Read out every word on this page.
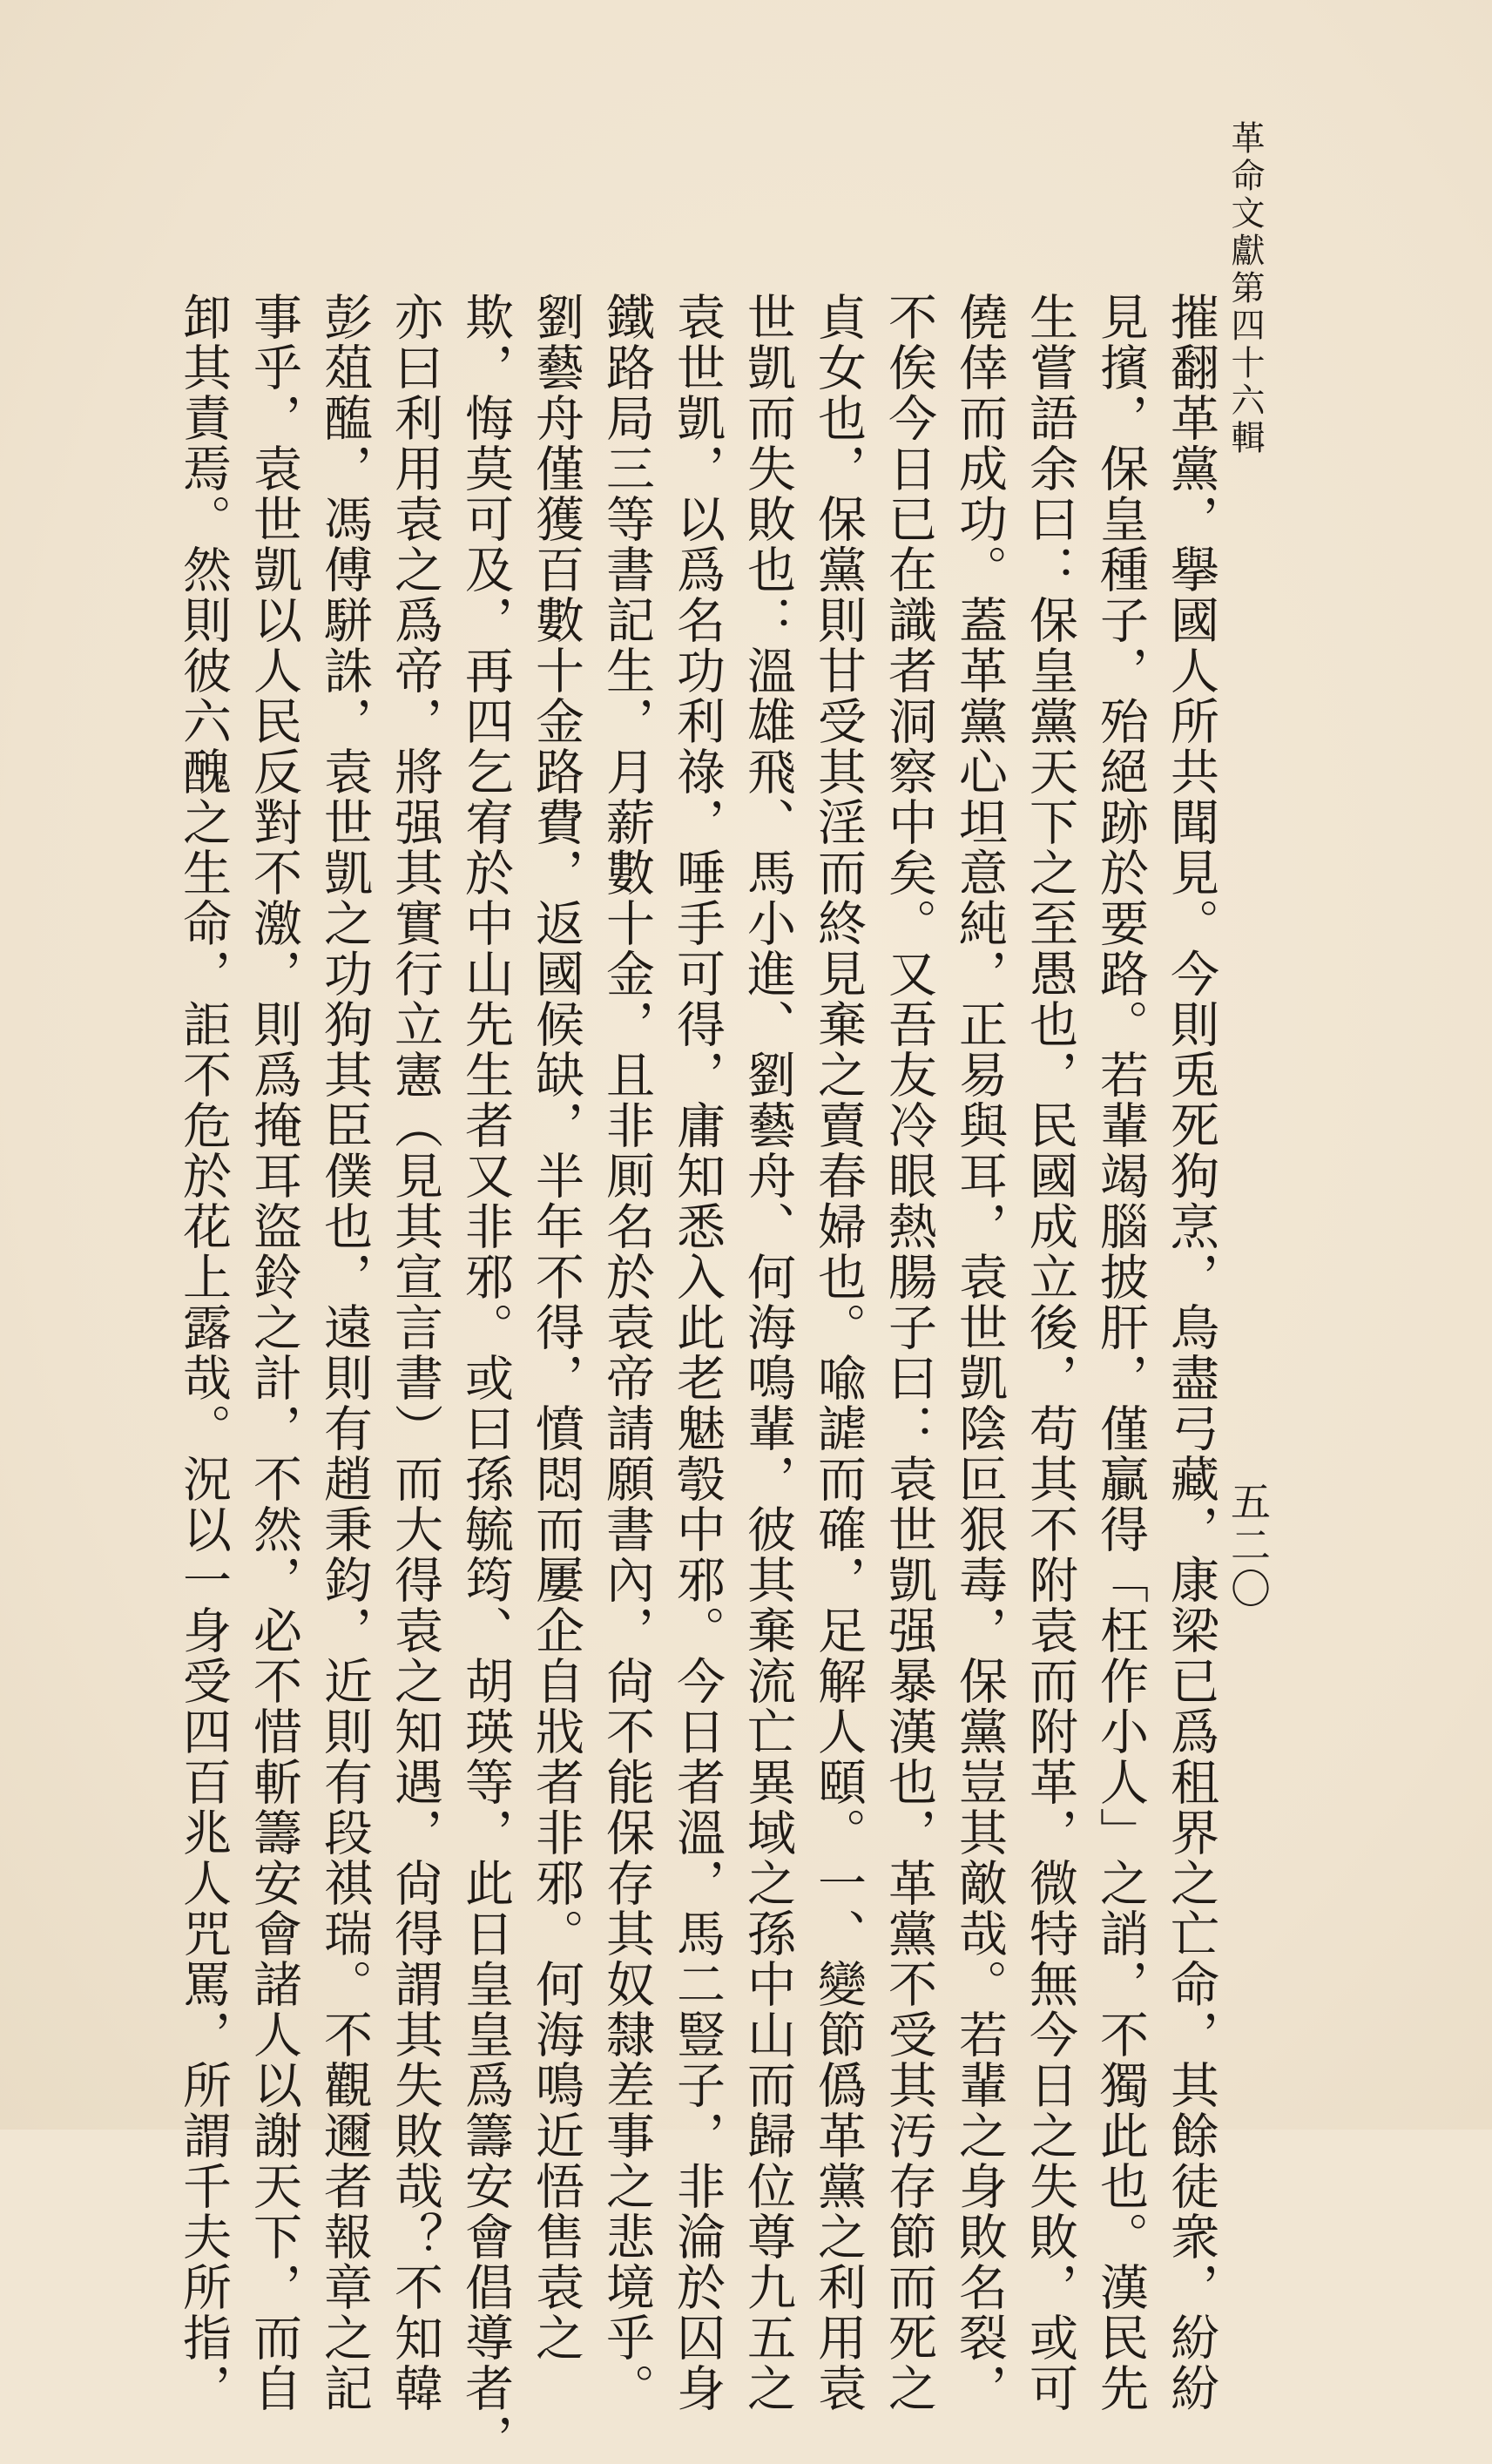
革命文獻第四十六輯
五二〇
摧翻革黨，擧國人所共聞見。今則兎死狗烹，鳥盡弓藏，康梁已爲租界之亡命，其餘徒衆，紛紛
見擯，保皇種子，殆絕跡於要路。若輩竭腦披肝，僅贏得「枉作小人」之誚，不獨此也。漢民先
生嘗語余曰：保皇黨天下之至愚也，民國成立後，苟其不附袁而附革，微特無今日之失敗，或可
僥倖而成功。蓋革黨心坦意純，正易與耳，袁世凱陰叵狠毒，保黨豈其敵哉。若輩之身敗名裂，
不俟今日已在識者洞察中矣。又吾友冷眼熱腸子曰：袁世凱强暴漢也，革黨不受其汚存節而死之
貞女也，保黨則甘受其淫而終見棄之賣春婦也。喩謔而確，足解人頤。一、變節僞革黨之利用袁
世凱而失敗也：溫雄飛、馬小進、劉藝舟、何海鳴輩，彼其棄流亡異域之孫中山而歸位尊九五之
袁世凱，以爲名功利祿，唾手可得，庸知悉入此老魅彀中邪。今日者溫，馬二豎子，非淪於囚身
鐵路局三等書記生，月薪數十金，且非厠名於袁帝請願書內，尙不能保存其奴隸差事之悲境乎。
劉藝舟僅獲百數十金路費，返國候缺，半年不得，憤悶而屢企自戕者非邪。何海鳴近悟售袁之
欺，悔莫可及，再四乞宥於中山先生者又非邪。或曰孫毓筠、胡瑛等，此日皇皇爲籌安會倡導者，
亦曰利用袁之爲帝，將强其實行立憲（見其宣言書）而大得袁之知遇，尙得謂其失敗哉？不知韓
彭葅醢，馮傅駢誅，袁世凱之功狗其臣僕也，遠則有趙秉鈞，近則有段祺瑞。不觀邇者報章之記
事乎，袁世凱以人民反對不激，則爲掩耳盜鈴之計，不然，必不惜斬籌安會諸人以謝天下，而自
卸其責焉。然則彼六醜之生命，詎不危於花上露哉。況以一身受四百兆人咒罵，所謂千夫所指，
